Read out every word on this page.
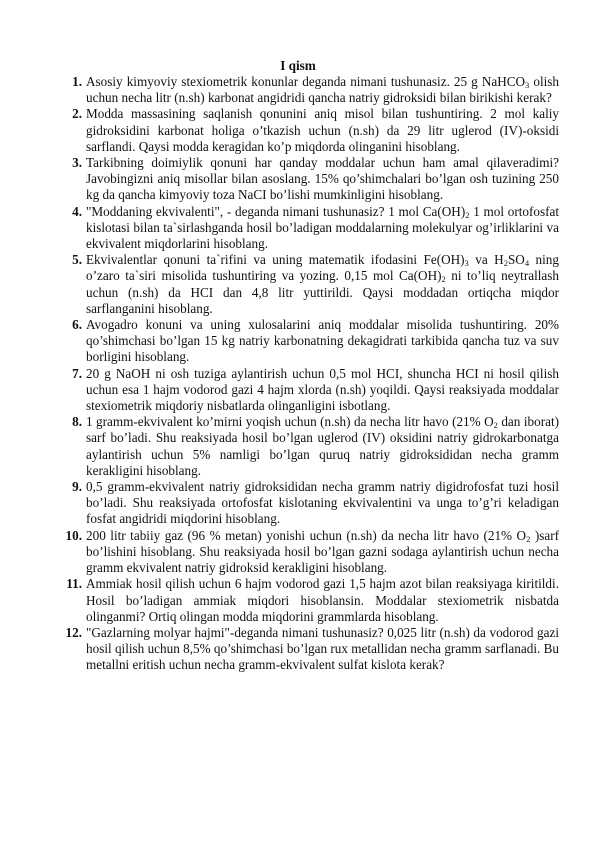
I qism
1. Asosiy kimyoviy stexiometrik konunlar deganda nimani tushunasiz. 25 g NaHCO$_3$ olish uchun necha litr (n.sh) karbonat angidridi qancha natriy gidroksidi bilan birikishi kerak?

2. Modda massasining saqlanish qonunini aniq misol bilan tushuntiring. 2 mol kaliy gidroksidini karbonat holiga o’tkazish uchun (n.sh) da 29 litr uglerod (IV)-oksidi sarflandi. Qaysi modda keragidan ko’p miqdorda olinganini hisoblang.

3. Tarkibning doimiylik qonuni har qanday moddalar uchun ham amal qilaveradimi? Javobingizni aniq misollar bilan asoslang. 15% qo’shimchalari bo’lgan osh tuzining 250 kg da qancha kimyoviy toza NaCI bo’lishi mumkinligini hisoblang.

4. "Moddaning ekvivalenti", - deganda nimani tushunasiz? 1 mol $Ca(OH)_2$ 1 mol ortofosfat kislotasi bilan ta`sirlashganda hosil bo’ladigan moddalarning molekulyar og’irliklarini va ekvivalent miqdorlarini hisoblang.

5. Ekvivalentlar qonuni ta`rifini va uning matematik ifodasini $Fe(OH)_3$ va $H_2SO_4$ ning o’zaro ta`siri misolida tushuntiring va yozing. 0,15 mol $Ca(OH)_2$ ni to’liq neytrallash uchun (n.sh) da HCI dan 4,8 litr yuttirildi. Qaysi moddadan ortiqcha miqdor sarflanganini hisoblang.

6. Avogadro konuni va uning xulosalarini aniq moddalar misolida tushuntiring. 20% qo’shimchasi bo’lgan 15 kg natriy karbonatning dekagidrati tarkibida qancha tuz va suv borligini hisoblang.

7. 20 g NaOH ni osh tuziga aylantirish uchun 0,5 mol HCI, shuncha HCI ni hosil qilish uchun esa 1 hajm vodorod gazi 4 hajm xlorda (n.sh) yoqildi. Qaysi reaksiyada moddalar stexiometrik miqdoriy nisbatlarda olinganligini isbotlang.

8. 1 gramm-ekvivalent ko’mirni yoqish uchun (n.sh) da necha litr havo (21% $O_2$ dan iborat) sarf bo’ladi. Shu reaksiyada hosil bo’lgan uglerod (IV) oksidini natriy gidrokarbonatga aylantirish uchun 5% namligi bo’lgan quruq natriy gidroksididan necha gramm kerakligini hisoblang.

9. 0,5 gramm-ekvivalent natriy gidroksididan necha gramm natriy digidrofosfat tuzi hosil bo’ladi. Shu reaksiyada ortofosfat kislotaning ekvivalentini va unga to’g’ri keladigan fosfat angidridi miqdorini hisoblang.

10. 200 litr tabiiy gaz (96 % metan) yonishi uchun (n.sh) da necha litr havo (21% $O_2$ )sarf bo’lishini hisoblang. Shu reaksiyada hosil bo’lgan gazni sodaga aylantirish uchun necha gramm ekvivalent natriy gidroksid kerakligini hisoblang.

11. Ammiak hosil qilish uchun 6 hajm vodorod gazi 1,5 hajm azot bilan reaksiyaga kiritildi. Hosil bo’ladigan ammiak miqdori hisoblansin. Moddalar stexiometrik nisbatda olinganmi? Ortiq olingan modda miqdorini grammlarda hisoblang.

12. "Gazlarning molyar hajmi"-deganda nimani tushunasiz? 0,025 litr (n.sh) da vodorod gazi hosil qilish uchun 8,5% qo’shimchasi bo’lgan rux metallidan necha gramm sarflanadi. Bu metallni eritish uchun necha gramm-ekvivalent sulfat kislota kerak?
